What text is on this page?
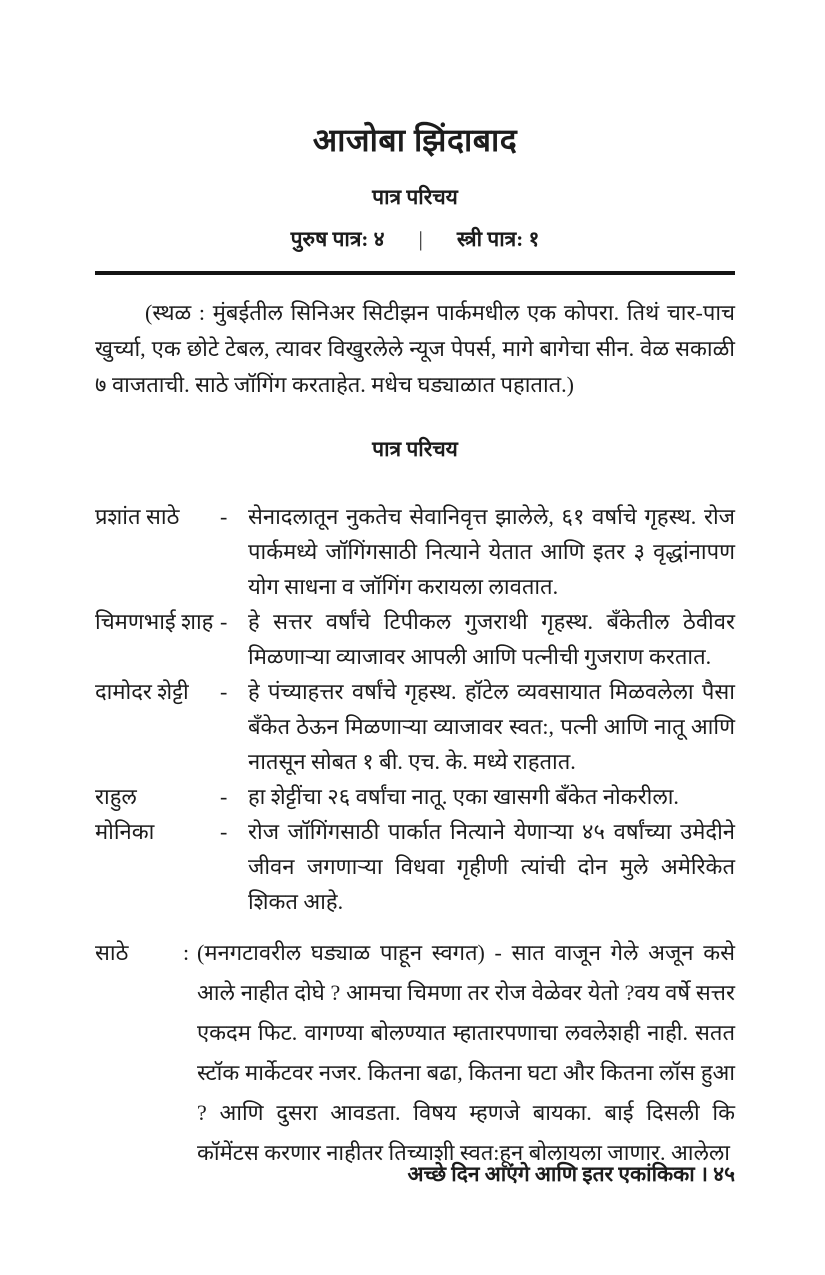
आजोबा झिंदाबाद
पात्र परिचय
पुरुष पात्र: ४ | स्त्री पात्र: १

(स्थळ : मुंबईतील सिनिअर सिटीझन पार्कमधील एक कोपरा. तिथं चार-पाच खुर्च्या, एक छोटे टेबल, त्यावर विखुरलेले न्यूज पेपर्स, मागे बागेचा सीन. वेळ सकाळी ७ वाजताची. साठे जॉगिंग करताहेत. मधेच घड्याळात पहातात.)

पात्र परिचय
प्रशांत साठे	- सेनादलातून नुकतेच सेवानिवृत्त झालेले, ६१ वर्षाचे गृहस्थ. रोज पार्कमध्ये जॉगिंगसाठी नित्याने येतात आणि इतर ३ वृद्धांनापण योग साधना व जॉगिंग करायला लावतात.
चिमणभाई शाह - हे सत्तर वर्षांचे टिपीकल गुजराथी गृहस्थ. बँकेतील ठेवीवर मिळणाऱ्या व्याजावर आपली आणि पत्नीची गुजराण करतात.
दामोदर शेट्टी	- हे पंच्याहत्तर वर्षांचे गृहस्थ. हॉटेल व्यवसायात मिळवलेला पैसा बँकेत ठेऊन मिळणाऱ्या व्याजावर स्वत:, पत्नी आणि नातू आणि नातसून सोबत १ बी. एच. के. मध्ये राहतात.
राहुल	- हा शेट्टींचा २६ वर्षांचा नातू. एका खासगी बँकेत नोकरीला.
मोनिका	- रोज जॉगिंगसाठी पार्कात नित्याने येणाऱ्या ४५ वर्षांच्या उमेदीने जीवन जगणाऱ्या विधवा गृहीणी त्यांची दोन मुले अमेरिकेत शिकत आहे.
साठे	: (मनगटावरील घड्याळ पाहून स्वगत) - सात वाजून गेले अजून कसे आले नाहीत दोघे ? आमचा चिमणा तर रोज वेळेवर येतो ?वय वर्षे सत्तर एकदम फिट. वागण्या बोलण्यात म्हातारपणाचा लवलेशही नाही. सतत स्टॉक मार्केटवर नजर. कितना बढा, कितना घटा और कितना लॉस हुआ ? आणि दुसरा आवडता. विषय म्हणजे बायका. बाई दिसली कि कॉमेंटस करणार नाहीतर तिच्याशी स्वत:हून बोलायला जाणार. आलेला
अच्छे दिन आएंगे आणि इतर एकांकिका । ४५
